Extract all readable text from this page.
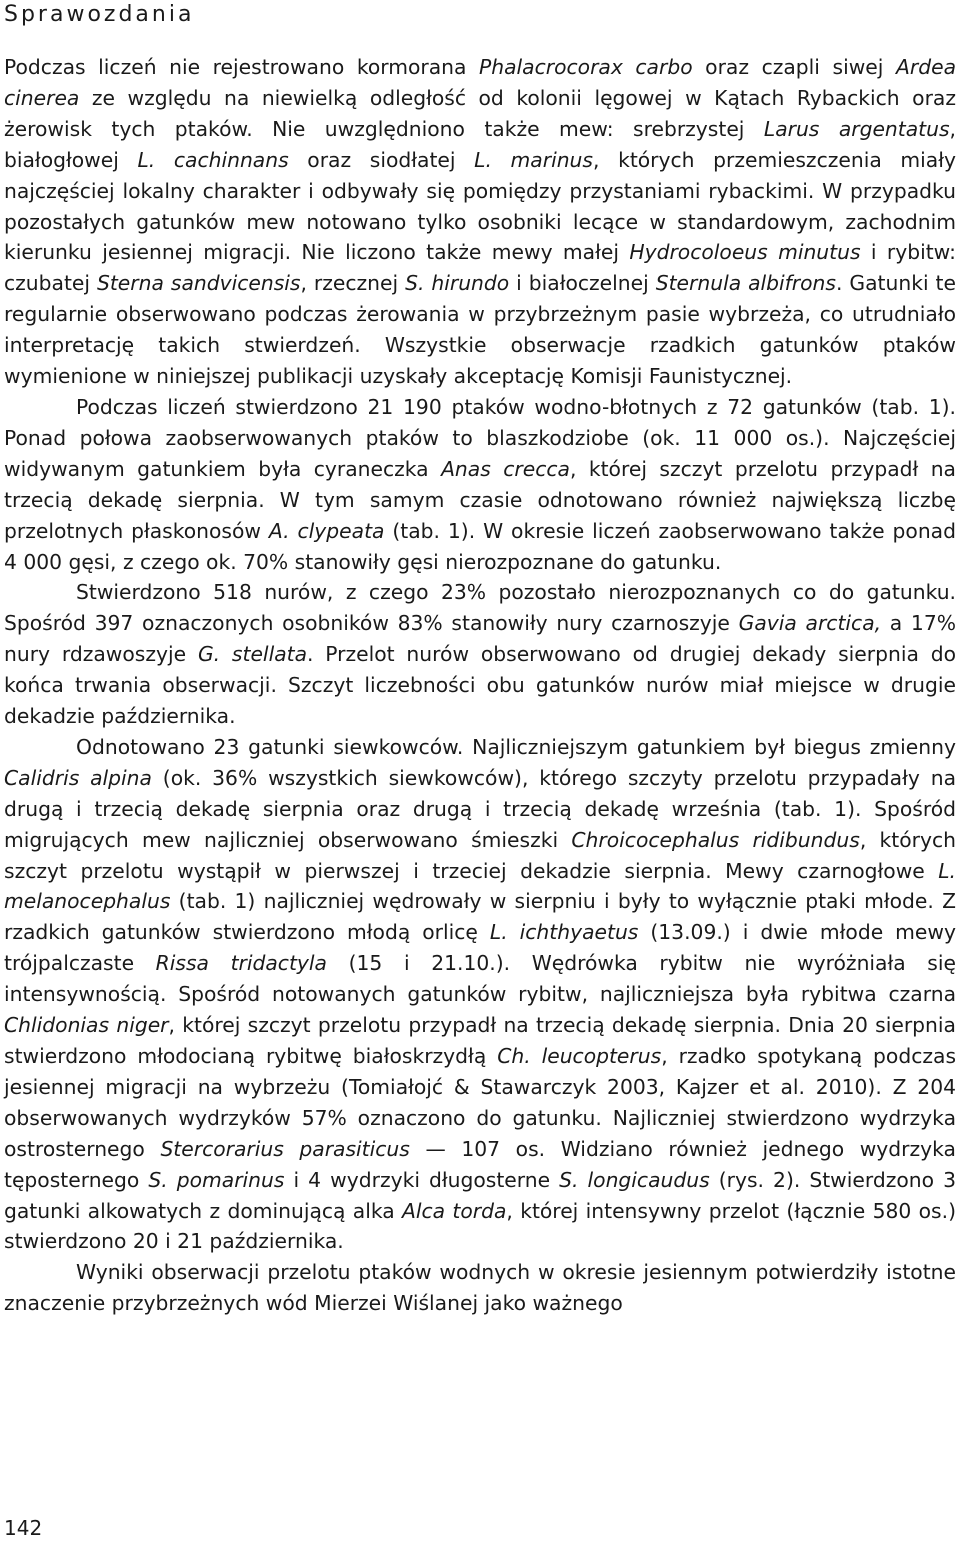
Sprawozdania

Podczas liczeń nie rejestrowano kormorana Phalacrocorax carbo oraz czapli siwej Ardea cinerea ze względu na niewielką odległość od kolonii lęgowej w Kątach Rybackich oraz żerowisk tych ptaków. Nie uwzględniono także mew: srebrzystej Larus argentatus, białogłowej L. cachinnans oraz siodłatej L. marinus, których przemieszczenia miały najczęściej lokalny charakter i odbywały się pomiędzy przystaniami rybackimi. W przypadku pozostałych gatunków mew notowano tylko osobniki lecące w standardowym, zachodnim kierunku jesiennej migracji. Nie liczono także mewy małej Hydrocoloeus minutus i rybitw: czubatej Sterna sandvicensis, rzecznej S. hirundo i białoczelnej Sternula albifrons. Gatunki te regularnie obserwowano podczas żerowania w przybrzeżnym pasie wybrzeża, co utrudniało interpretację takich stwierdzeń. Wszystkie obserwacje rzadkich gatunków ptaków wymienione w niniejszej publikacji uzyskały akceptację Komisji Faunistycznej.

Podczas liczeń stwierdzono 21 190 ptaków wodno-błotnych z 72 gatunków (tab. 1). Ponad połowa zaobserwowanych ptaków to blaszkodziobe (ok. 11 000 os.). Najczęściej widywanym gatunkiem była cyraneczka Anas crecca, której szczyt przelotu przypadł na trzecią dekadę sierpnia. W tym samym czasie odnotowano również największą liczbę przelotnych płaskonosów A. clypeata (tab. 1). W okresie liczeń zaobserwowano także ponad 4 000 gęsi, z czego ok. 70% stanowiły gęsi nierozpoznane do gatunku.

Stwierdzono 518 nurów, z czego 23% pozostało nierozpoznanych co do gatunku. Spośród 397 oznaczonych osobników 83% stanowiły nury czarnoszyje Gavia arctica, a 17% nury rdzawoszyje G. stellata. Przelot nurów obserwowano od drugiej dekady sierpnia do końca trwania obserwacji. Szczyt liczebności obu gatunków nurów miał miejsce w drugie dekadzie października.

Odnotowano 23 gatunki siewkowców. Najliczniejszym gatunkiem był biegus zmienny Calidris alpina (ok. 36% wszystkich siewkowców), którego szczyty przelotu przypadały na drugą i trzecią dekadę sierpnia oraz drugą i trzecią dekadę września (tab. 1). Spośród migrujących mew najliczniej obserwowano śmieszki Chroicocephalus ridibundus, których szczyt przelotu wystąpił w pierwszej i trzeciej dekadzie sierpnia. Mewy czarnogłowe L. melanocephalus (tab. 1) najliczniej wędrowały w sierpniu i były to wyłącznie ptaki młode. Z rzadkich gatunków stwierdzono młodą orlicę L. ichthyaetus (13.09.) i dwie młode mewy trójpalczaste Rissa tridactyla (15 i 21.10.). Wędrówka rybitw nie wyróżniała się intensywnością. Spośród notowanych gatunków rybitw, najliczniejsza była rybitwa czarna Chlidonias niger, której szczyt przelotu przypadł na trzecią dekadę sierpnia. Dnia 20 sierpnia stwierdzono młodocianą rybitwę białoskrzydłą Ch. leucopterus, rzadko spotykaną podczas jesiennej migracji na wybrzeżu (Tomiałojć & Stawarczyk 2003, Kajzer et al. 2010). Z 204 obserwowanych wydrzyków 57% oznaczono do gatunku. Najliczniej stwierdzono wydrzyka ostrosternego Stercorarius parasiticus — 107 os. Widziano również jednego wydrzyka tęposternego S. pomarinus i 4 wydrzyki długosterne S. longicaudus (rys. 2). Stwierdzono 3 gatunki alkowatych z dominującą alka Alca torda, której intensywny przelot (łącznie 580 os.) stwierdzono 20 i 21 października.

Wyniki obserwacji przelotu ptaków wodnych w okresie jesiennym potwierdziły istotne znaczenie przybrzeżnych wód Mierzei Wiślanej jako ważnego

142
